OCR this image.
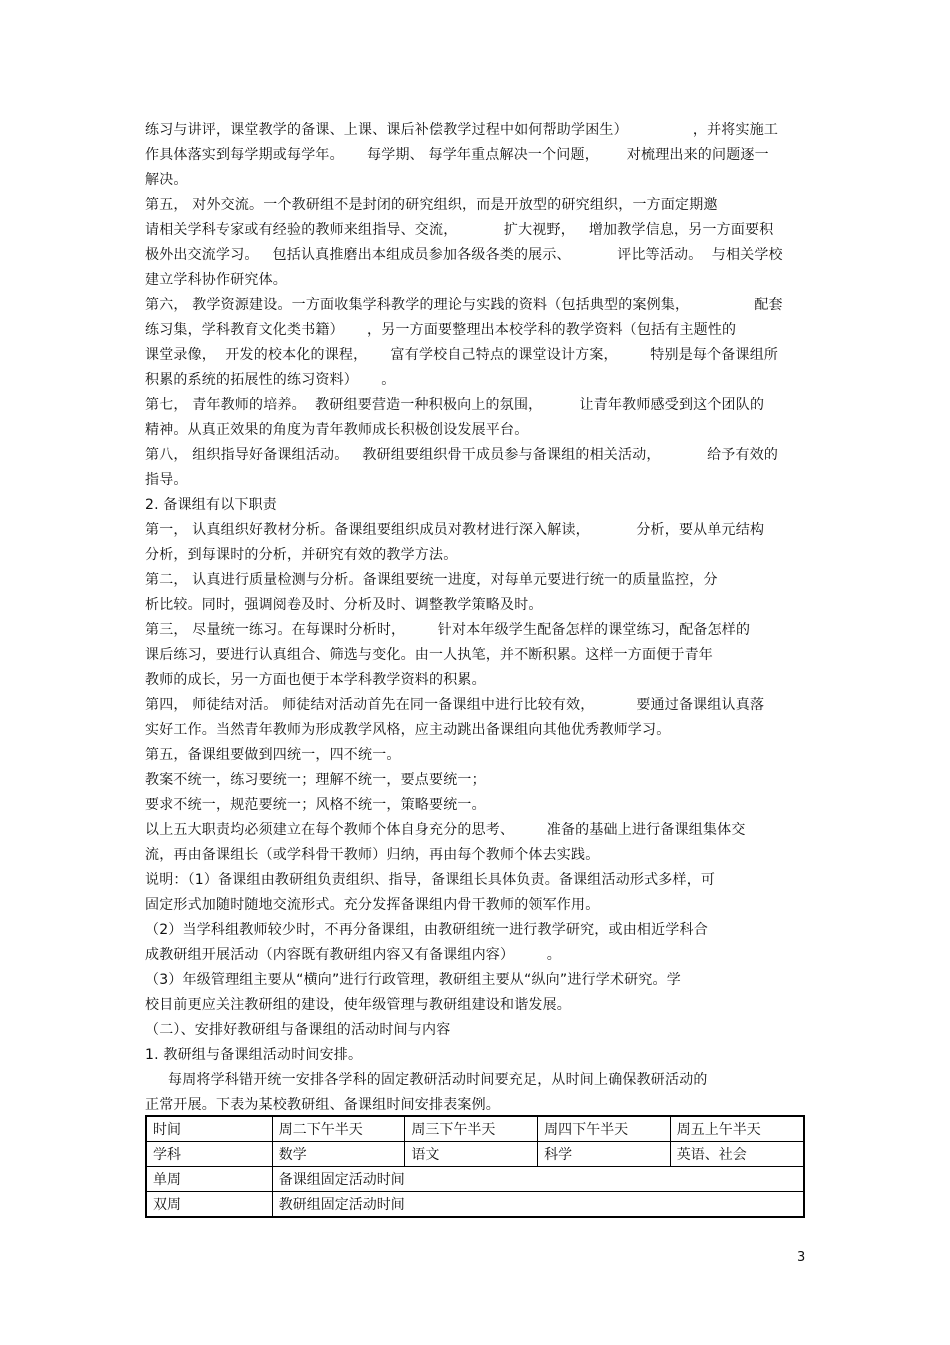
练习与讲评，课堂教学的备课、上课、课后补偿教学过程中如何帮助学困生）              ，并将实施工
作具体落实到每学期或每学年。     每学期、 每学年重点解决一个问题，      对梳理出来的问题逐一
解决。
第五， 对外交流。一个教研组不是封闭的研究组织，而是开放型的研究组织，一方面定期邀
请相关学科专家或有经验的教师来组指导、交流，          扩大视野，   增加教学信息，另一方面要积
极外出交流学习。   包括认真推磨出本组成员参加各级各类的展示、          评比等活动。  与相关学校
建立学科协作研究体。
第六， 教学资源建设。一方面收集学科教学的理论与实践的资料（包括典型的案例集，              配套
练习集，学科教育文化类书籍）     ，另一方面要整理出本校学科的教学资料（包括有主题性的
课堂录像，  开发的校本化的课程，     富有学校自己特点的课堂设计方案，       特别是每个备课组所
积累的系统的拓展性的练习资料）     。
第七， 青年教师的培养。  教研组要营造一种积极向上的氛围，        让青年教师感受到这个团队的
精神。从真正效果的角度为青年教师成长积极创设发展平台。
第八， 组织指导好备课组活动。   教研组要组织骨干成员参与备课组的相关活动，          给予有效的
指导。
2. 备课组有以下职责
第一， 认真组织好教材分析。备课组要组织成员对教材进行深入解读，          分析，要从单元结构
分析，到每课时的分析，并研究有效的教学方法。
第二， 认真进行质量检测与分析。备课组要统一进度，对每单元要进行统一的质量监控，分
析比较。同时，强调阅卷及时、分析及时、调整教学策略及时。
第三， 尽量统一练习。在每课时分析时，       针对本年级学生配备怎样的课堂练习，配备怎样的
课后练习，要进行认真组合、筛选与变化。由一人执笔，并不断积累。这样一方面便于青年
教师的成长，另一方面也便于本学科教学资料的积累。
第四， 师徒结对活。 师徒结对活动首先在同一备课组中进行比较有效，         要通过备课组认真落
实好工作。当然青年教师为形成教学风格，应主动跳出备课组向其他优秀教师学习。
第五，备课组要做到四统一，四不统一。
教案不统一，练习要统一；理解不统一，要点要统一；
要求不统一，规范要统一；风格不统一，策略要统一。
以上五大职责均必须建立在每个教师个体自身充分的思考、       准备的基础上进行备课组集体交
流，再由备课组长（或学科骨干教师）归纳，再由每个教师个体去实践。
说明：（1）备课组由教研组负责组织、指导，备课组长具体负责。备课组活动形式多样，可
固定形式加随时随地交流形式。充分发挥备课组内骨干教师的领军作用。
（2）当学科组教师较少时，不再分备课组，由教研组统一进行教学研究，或由相近学科合
成教研组开展活动（内容既有教研组内容又有备课组内容）       。
（3）年级管理组主要从“横向”进行行政管理，教研组主要从“纵向”进行学术研究。学
校目前更应关注教研组的建设，使年级管理与教研组建设和谐发展。
（二）、安排好教研组与备课组的活动时间与内容
1. 教研组与备课组活动时间安排。
每周将学科错开统一安排各学科的固定教研活动时间要充足，从时间上确保教研活动的
正常开展。下表为某校教研组、备课组时间安排表案例。
时间	周二下午半天	周三下午半天	周四下午半天	周五上午半天
学科	数学	语文	科学	英语、社会
单周	备课组固定活动时间			
双周	教研组固定活动时间			
3
